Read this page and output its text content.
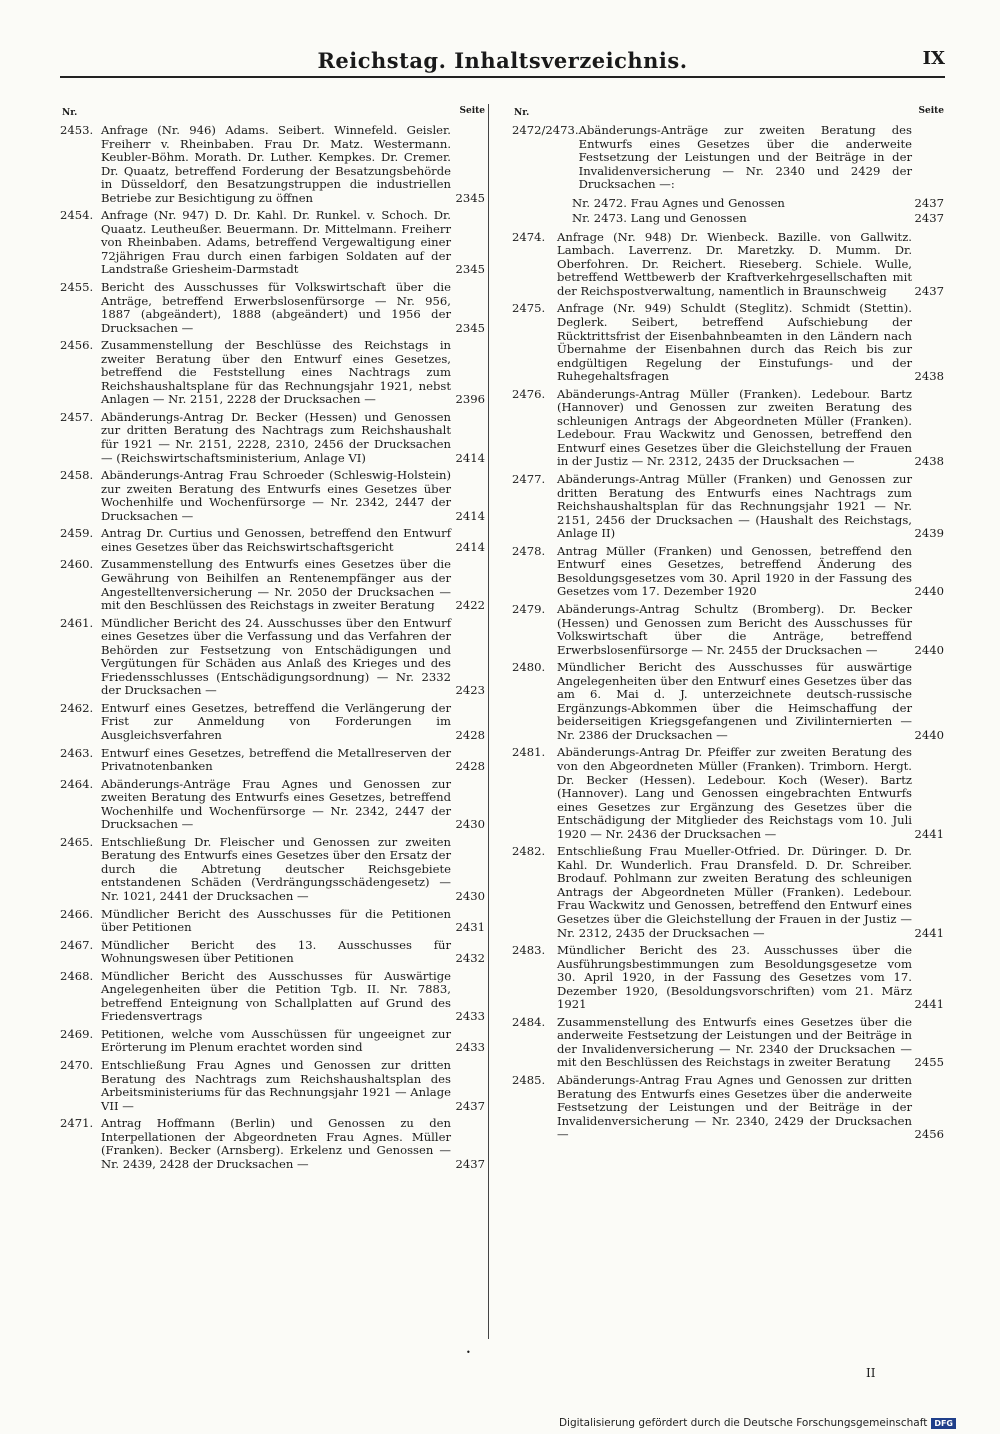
Reichstag. Inhaltsverzeichnis.	IX
Nr.	Seite
2453. Anfrage (Nr. 946) Adams. Seibert. Winnefeld. Geisler. Freiherr v. Rheinbaben. Frau Dr. Matz. Westermann. Keubler-Böhm. Morath. Dr. Luther. Kempkes. Dr. Cremer. Dr. Quaatz, betreffend Forderung der Besatzungsbehörde in Düsseldorf, den Besatzungstruppen die industriellen Betriebe zur Besichtigung zu öffnen	2345
2454. Anfrage (Nr. 947) D. Dr. Kahl. Dr. Runkel. v. Schoch. Dr. Quaatz. Leutheußer. Beuermann. Dr. Mittelmann. Freiherr von Rheinbaben. Adams, betreffend Vergewaltigung einer 72jährigen Frau durch einen farbigen Soldaten auf der Landstraße Griesheim-Darmstadt	2345
2455. Bericht des Ausschusses für Volkswirtschaft über die Anträge, betreffend Erwerbslosenfürsorge — Nr. 956, 1887 (abgeändert), 1888 (abgeändert) und 1956 der Drucksachen —	2345
2456. Zusammenstellung der Beschlüsse des Reichstags in zweiter Beratung über den Entwurf eines Gesetzes, betreffend die Feststellung eines Nachtrags zum Reichshaushaltsplane für das Rechnungsjahr 1921, nebst Anlagen — Nr. 2151, 2228 der Drucksachen —	2396
2457. Abänderungs-Antrag Dr. Becker (Hessen) und Genossen zur dritten Beratung des Nachtrags zum Reichshaushalt für 1921 — Nr. 2151, 2228, 2310, 2456 der Drucksachen — (Reichswirtschaftsministerium, Anlage VI)	2414
2458. Abänderungs-Antrag Frau Schroeder (Schleswig-Holstein) zur zweiten Beratung des Entwurfs eines Gesetzes über Wochenhilfe und Wochenfürsorge — Nr. 2342, 2447 der Drucksachen —	2414
2459. Antrag Dr. Curtius und Genossen, betreffend den Entwurf eines Gesetzes über das Reichswirtschaftsgericht	2414
2460. Zusammenstellung des Entwurfs eines Gesetzes über die Gewährung von Beihilfen an Rentenempfänger aus der Angestelltenversicherung — Nr. 2050 der Drucksachen — mit den Beschlüssen des Reichstags in zweiter Beratung	2422
2461. Mündlicher Bericht des 24. Ausschusses über den Entwurf eines Gesetzes über die Verfassung und das Verfahren der Behörden zur Festsetzung von Entschädigungen und Vergütungen für Schäden aus Anlaß des Krieges und des Friedensschlusses (Entschädigungsordnung) — Nr. 2332 der Drucksachen —	2423
2462. Entwurf eines Gesetzes, betreffend die Verlängerung der Frist zur Anmeldung von Forderungen im Ausgleichsverfahren	2428
2463. Entwurf eines Gesetzes, betreffend die Metallreserven der Privatnotenbanken	2428
2464. Abänderungs-Anträge Frau Agnes und Genossen zur zweiten Beratung des Entwurfs eines Gesetzes, betreffend Wochenhilfe und Wochenfürsorge — Nr. 2342, 2447 der Drucksachen —	2430
2465. Entschließung Dr. Fleischer und Genossen zur zweiten Beratung des Entwurfs eines Gesetzes über den Ersatz der durch die Abtretung deutscher Reichsgebiete entstandenen Schäden (Verdrängungsschädengesetz) — Nr. 1021, 2441 der Drucksachen —	2430
2466. Mündlicher Bericht des Ausschusses für die Petitionen über Petitionen	2431
2467. Mündlicher Bericht des 13. Ausschusses für Wohnungswesen über Petitionen	2432
2468. Mündlicher Bericht des Ausschusses für Auswärtige Angelegenheiten über die Petition Tgb. II. Nr. 7883, betreffend Enteignung von Schallplatten auf Grund des Friedensvertrags	2433
2469. Petitionen, welche vom Ausschüssen für ungeeignet zur Erörterung im Plenum erachtet worden sind	2433
2470. Entschließung Frau Agnes und Genossen zur dritten Beratung des Nachtrags zum Reichshaushaltsplan des Arbeitsministeriums für das Rechnungsjahr 1921 — Anlage VII —	2437
2471. Antrag Hoffmann (Berlin) und Genossen zu den Interpellationen der Abgeordneten Frau Agnes. Müller (Franken). Becker (Arnsberg). Erkelenz und Genossen — Nr. 2439, 2428 der Drucksachen —	2437
Nr.	Seite
2472/2473. Abänderungs-Anträge zur zweiten Beratung des Entwurfs eines Gesetzes über die anderweite Festsetzung der Leistungen und der Beiträge in der Invalidenversicherung — Nr. 2340 und 2429 der Drucksachen —:
Nr. 2472. Frau Agnes und Genossen	2437
Nr. 2473. Lang und Genossen	2437
2474.	Anfrage (Nr. 948) Dr. Wienbeck. Bazille. von Gallwitz. Lambach. Laverrenz. Dr. Maretzky. D. Mumm. Dr. Oberfohren. Dr. Reichert. Rieseberg. Schiele. Wulle, betreffend Wettbewerb der Kraftverkehrgesellschaften mit der Reichspostverwaltung, namentlich in Braunschweig	2437
2475.	Anfrage (Nr. 949) Schuldt (Steglitz). Schmidt (Stettin). Deglerk. Seibert, betreffend Aufschiebung der Rücktrittsfrist der Eisenbahnbeamten in den Ländern nach Übernahme der Eisenbahnen durch das Reich bis zur endgültigen Regelung der Einstufungs- und der Ruhegehaltsfragen	2438
2476.	Abänderungs-Antrag Müller (Franken). Ledebour. Bartz (Hannover) und Genossen zur zweiten Beratung des schleunigen Antrags der Abgeordneten Müller (Franken). Ledebour. Frau Wackwitz und Genossen, betreffend den Entwurf eines Gesetzes über die Gleichstellung der Frauen in der Justiz — Nr. 2312, 2435 der Drucksachen —	2438
2477.	Abänderungs-Antrag Müller (Franken) und Genossen zur dritten Beratung des Entwurfs eines Nachtrags zum Reichshaushaltsplan für das Rechnungsjahr 1921 — Nr. 2151, 2456 der Drucksachen — (Haushalt des Reichstags, Anlage II)	2439
2478.	Antrag Müller (Franken) und Genossen, betreffend den Entwurf eines Gesetzes, betreffend Änderung des Besoldungsgesetzes vom 30. April 1920 in der Fassung des Gesetzes vom 17. Dezember 1920	2440
2479.	Abänderungs-Antrag Schultz (Bromberg). Dr. Becker (Hessen) und Genossen zum Bericht des Ausschusses für Volkswirtschaft über die Anträge, betreffend Erwerbslosenfürsorge — Nr. 2455 der Drucksachen —	2440
2480.	Mündlicher Bericht des Ausschusses für auswärtige Angelegenheiten über den Entwurf eines Gesetzes über das am 6. Mai d. J. unterzeichnete deutsch-russische Ergänzungs-Abkommen über die Heimschaffung der beiderseitigen Kriegsgefangenen und Zivilinternierten — Nr. 2386 der Drucksachen —	2440
2481.	Abänderungs-Antrag Dr. Pfeiffer zur zweiten Beratung des von den Abgeordneten Müller (Franken). Trimborn. Hergt. Dr. Becker (Hessen). Ledebour. Koch (Weser). Bartz (Hannover). Lang und Genossen eingebrachten Entwurfs eines Gesetzes zur Ergänzung des Gesetzes über die Entschädigung der Mitglieder des Reichstags vom 10. Juli 1920 — Nr. 2436 der Drucksachen —	2441
2482.	Entschließung Frau Mueller-Otfried. Dr. Düringer. D. Dr. Kahl. Dr. Wunderlich. Frau Dransfeld. D. Dr. Schreiber. Brodauf. Pohlmann zur zweiten Beratung des schleunigen Antrags der Abgeordneten Müller (Franken). Ledebour. Frau Wackwitz und Genossen, betreffend den Entwurf eines Gesetzes über die Gleichstellung der Frauen in der Justiz — Nr. 2312, 2435 der Drucksachen —	2441
2483.	Mündlicher Bericht des 23. Ausschusses über die Ausführungsbestimmungen zum Besoldungsgesetze vom 30. April 1920, in der Fassung des Gesetzes vom 17. Dezember 1920, (Besoldungsvorschriften) vom 21. März 1921	2441
2484.	Zusammenstellung des Entwurfs eines Gesetzes über die anderweite Festsetzung der Leistungen und der Beiträge in der Invalidenversicherung — Nr. 2340 der Drucksachen — mit den Beschlüssen des Reichstags in zweiter Beratung	2455
2485.	Abänderungs-Antrag Frau Agnes und Genossen zur dritten Beratung des Entwurfs eines Gesetzes über die anderweite Festsetzung der Leistungen und der Beiträge in der Invalidenversicherung — Nr. 2340, 2429 der Drucksachen —	2456
•
II
Digitalisierung gefördert durch die Deutsche Forschungsgemeinschaft DFG
